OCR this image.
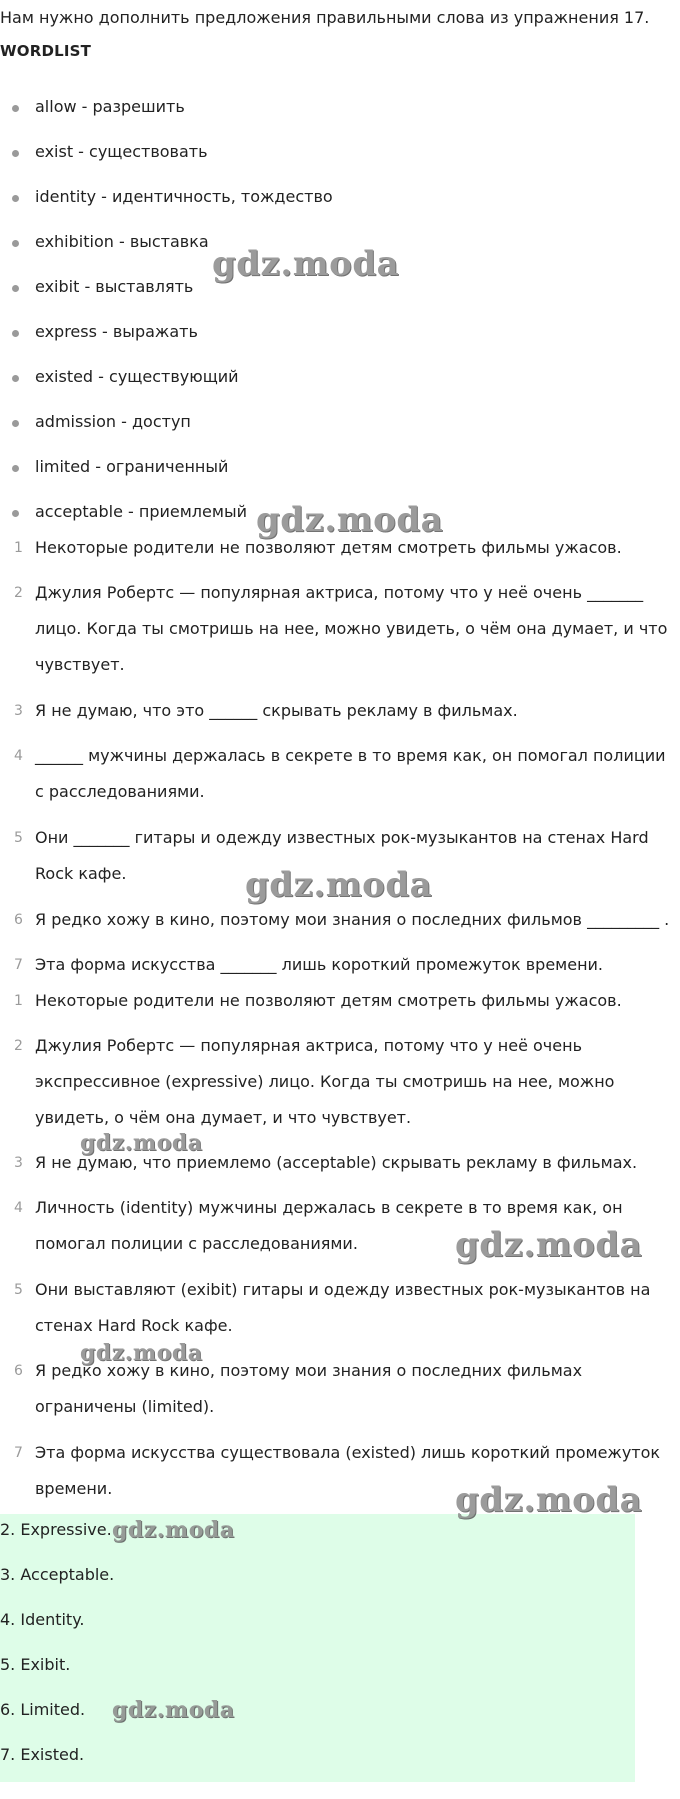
Нам нужно дополнить предложения правильными слова из упражнения 17.
WORDLIST
allow - разрешить
exist - существовать
identity - идентичность, тождество
exhibition - выставка
exibit - выставлять
express - выражать
existed - существующий
admission - доступ
limited - ограниченный
acceptable - приемлемый
1 Некоторые родители не позволяют детям смотреть фильмы ужасов.
2 Джулия Робертс — популярная актриса, потому что у неё очень _______
лицо. Когда ты смотришь на нее, можно увидеть, о чём она думает, и что
чувствует.
3 Я не думаю, что это ______ скрывать рекламу в фильмах.
4 ______ мужчины держалась в секрете в то время как, он помогал полиции
с расследованиями.
5 Они _______ гитары и одежду известных рок-музыкантов на стенах Hard
Rock кафе.
6 Я редко хожу в кино, поэтому мои знания о последних фильмов _________ .
7 Эта форма искусства _______ лишь короткий промежуток времени.
1 Некоторые родители не позволяют детям смотреть фильмы ужасов.
2 Джулия Робертс — популярная актриса, потому что у неё очень
экспрессивное (expressive) лицо. Когда ты смотришь на нее, можно
увидеть, о чём она думает, и что чувствует.
3 Я не думаю, что приемлемо (acceptable) скрывать рекламу в фильмах.
4 Личность (identity) мужчины держалась в секрете в то время как, он
помогал полиции с расследованиями.
5 Они выставляют (exibit) гитары и одежду известных рок-музыкантов на
стенах Hard Rock кафе.
6 Я редко хожу в кино, поэтому мои знания о последних фильмах
ограничены (limited).
7 Эта форма искусства существовала (existed) лишь короткий промежуток
времени.
2. Expressive.
3. Acceptable.
4. Identity.
5. Exibit.
6. Limited.
7. Existed.
gdz.moda
gdz.moda
gdz.moda
gdz.moda
gdz.moda
gdz.moda
gdz.moda
gdz.moda
gdz.moda
